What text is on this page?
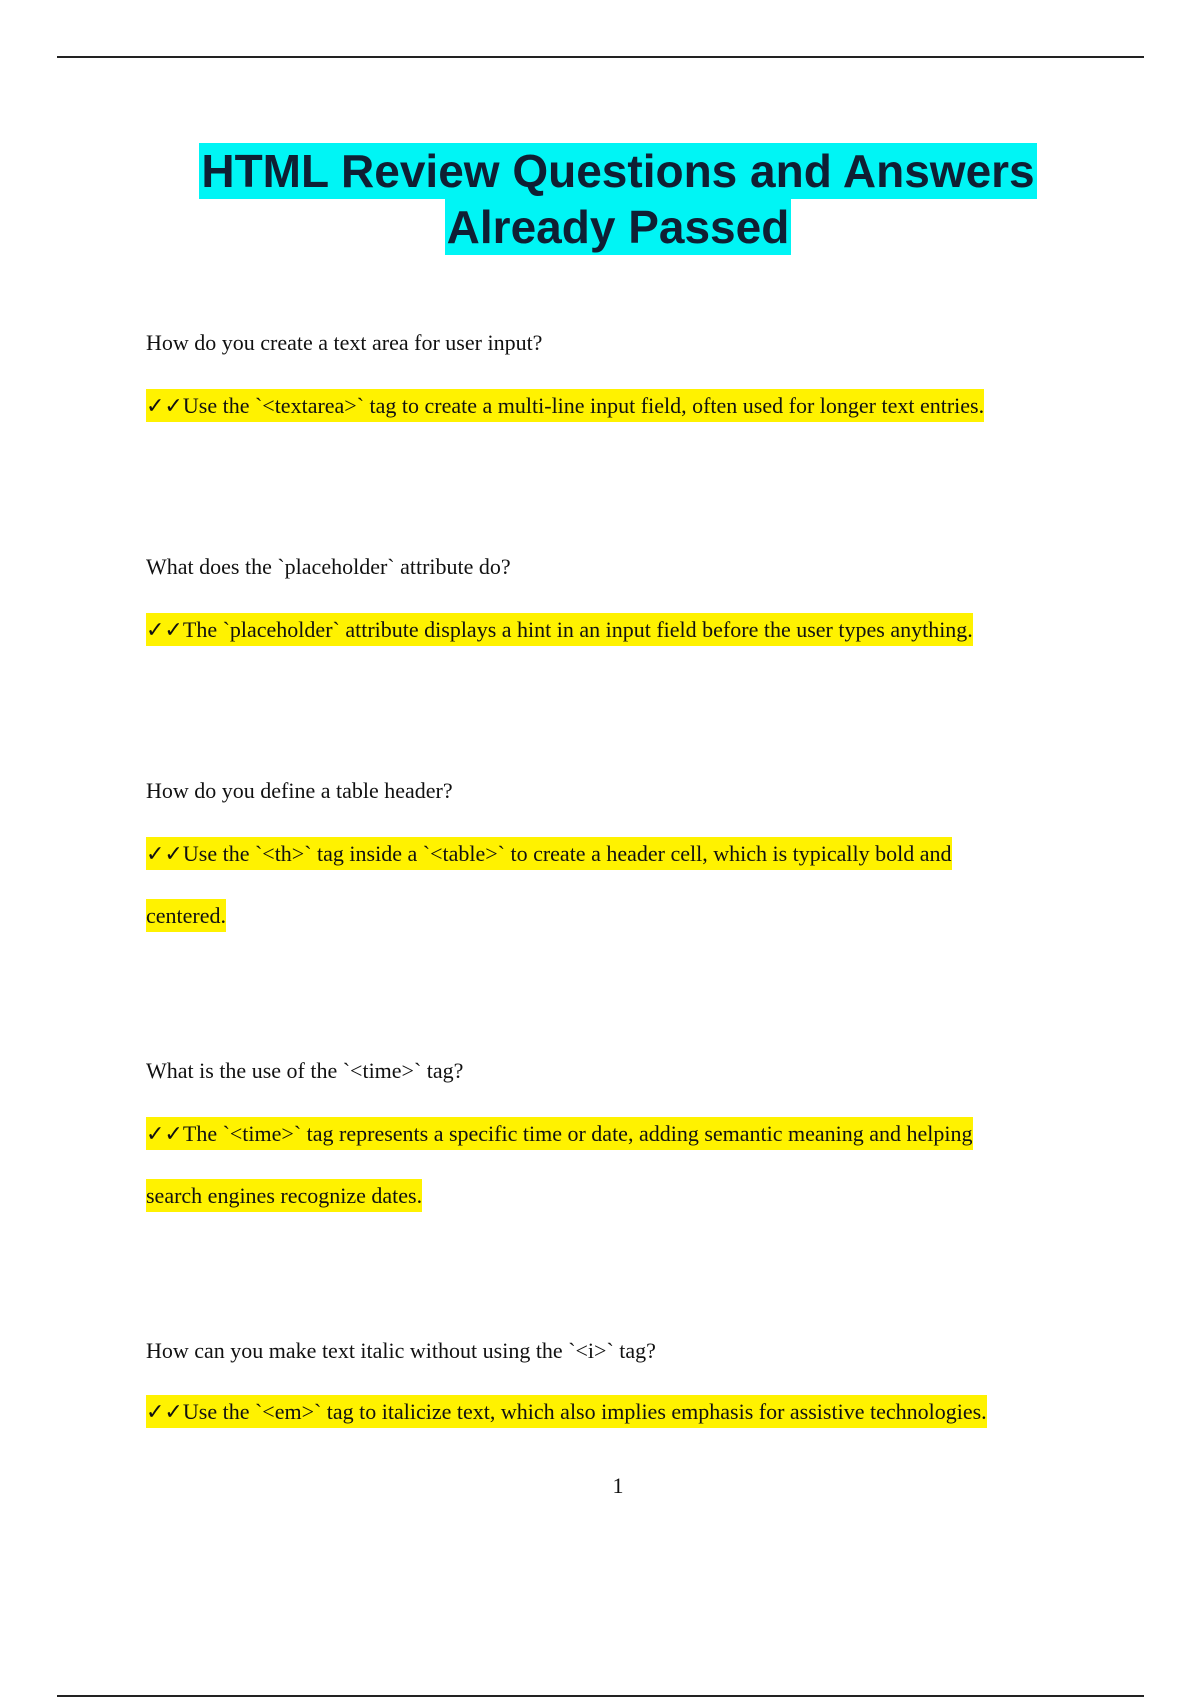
HTML Review Questions and Answers
Already Passed

How do you create a text area for user input?

✓✓Use the `<textarea>` tag to create a multi-line input field, often used for longer text entries.

What does the `placeholder` attribute do?

✓✓The `placeholder` attribute displays a hint in an input field before the user types anything.

How do you define a table header?

✓✓Use the `<th>` tag inside a `<table>` to create a header cell, which is typically bold and
centered.

What is the use of the `<time>` tag?

✓✓The `<time>` tag represents a specific time or date, adding semantic meaning and helping
search engines recognize dates.

How can you make text italic without using the `<i>` tag?

✓✓Use the `<em>` tag to italicize text, which also implies emphasis for assistive technologies.

1
